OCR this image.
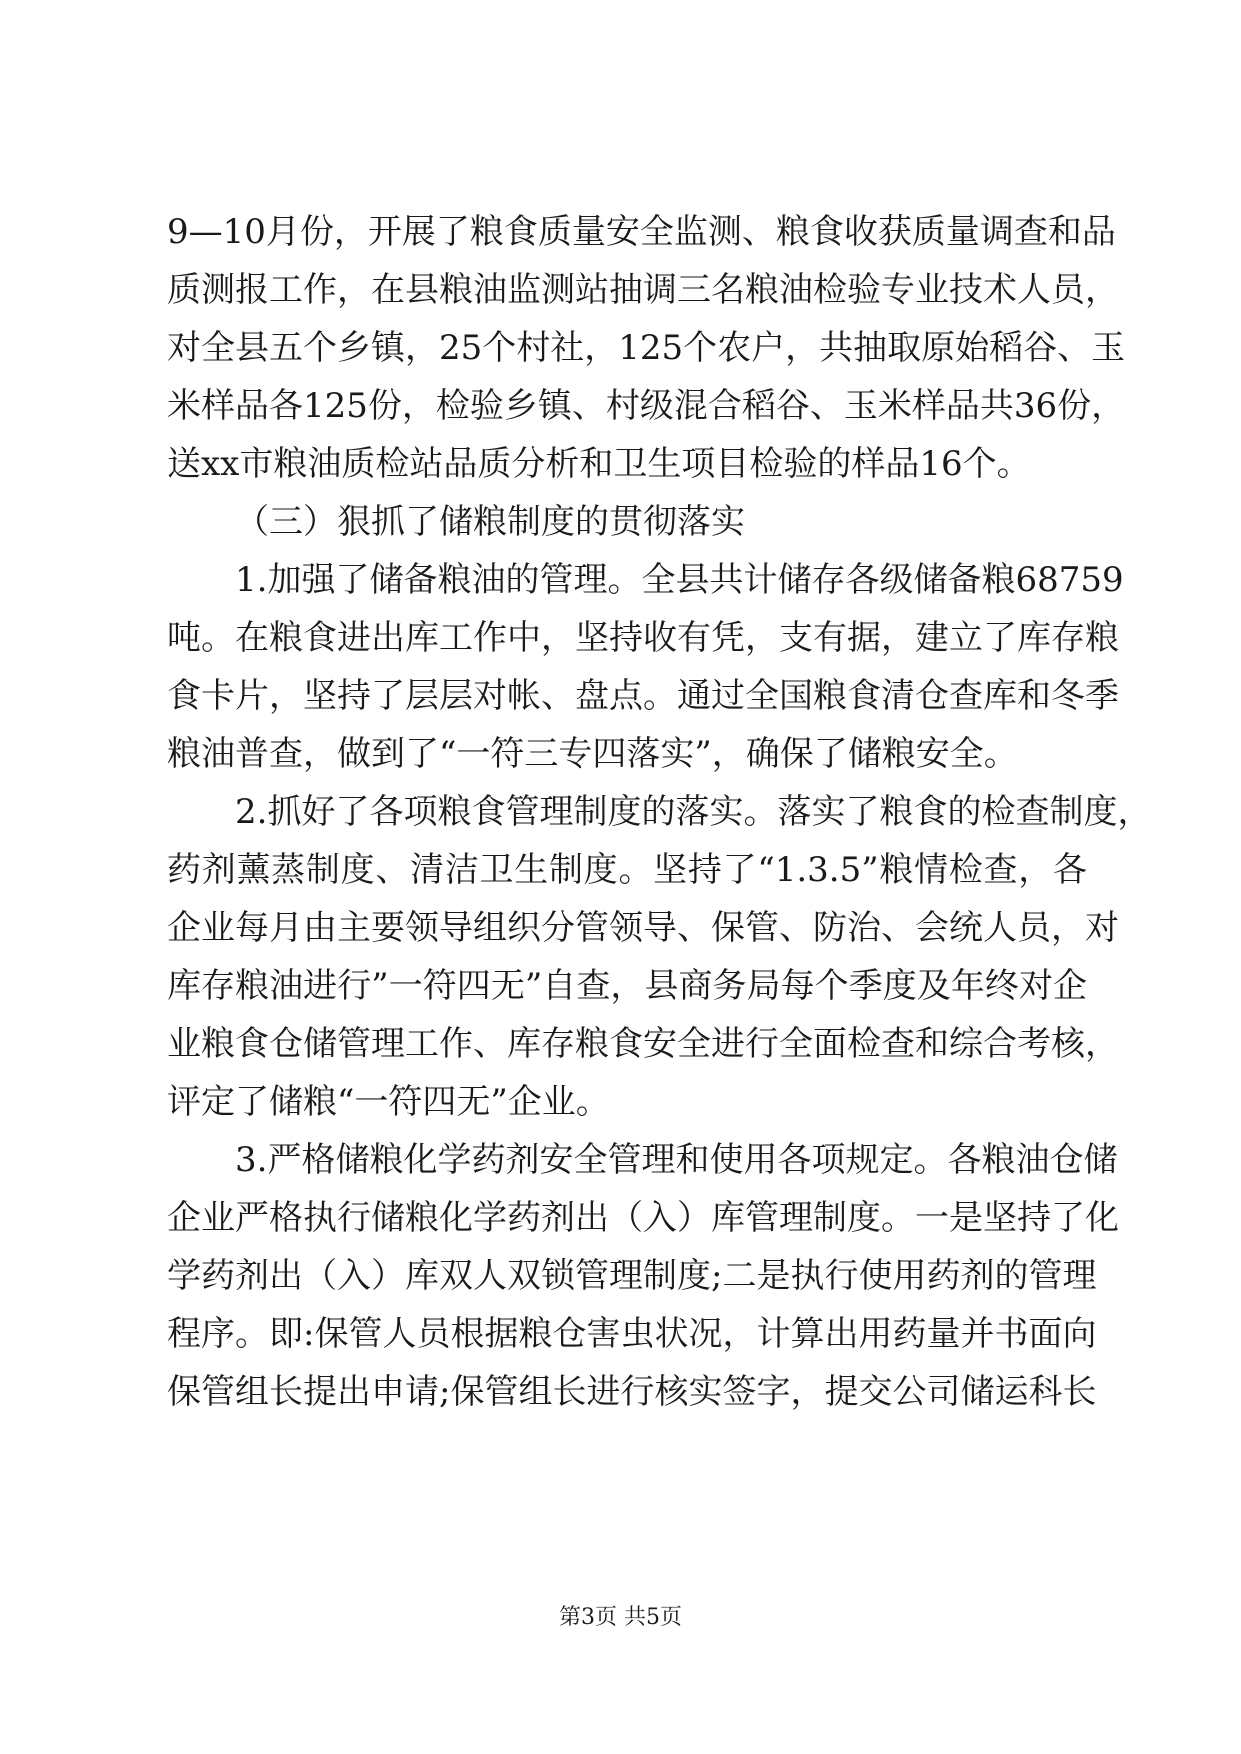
9—10月份，开展了粮食质量安全监测、粮食收获质量调查和品
质测报工作，在县粮油监测站抽调三名粮油检验专业技术人员，
对全县五个乡镇，25个村社，125个农户，共抽取原始稻谷、玉
米样品各125份，检验乡镇、村级混合稻谷、玉米样品共36份，
送xx市粮油质检站品质分析和卫生项目检验的样品16个。
（三）狠抓了储粮制度的贯彻落实
1.加强了储备粮油的管理。全县共计储存各级储备粮68759
吨。在粮食进出库工作中，坚持收有凭，支有据，建立了库存粮
食卡片，坚持了层层对帐、盘点。通过全国粮食清仓查库和冬季
粮油普查，做到了“一符三专四落实”，确保了储粮安全。
2.抓好了各项粮食管理制度的落实。落实了粮食的检查制度，
药剂薰蒸制度、清洁卫生制度。坚持了“1.3.5”粮情检查，各
企业每月由主要领导组织分管领导、保管、防治、会统人员，对
库存粮油进行”一符四无”自查，县商务局每个季度及年终对企
业粮食仓储管理工作、库存粮食安全进行全面检查和综合考核，
评定了储粮“一符四无”企业。
3.严格储粮化学药剂安全管理和使用各项规定。各粮油仓储
企业严格执行储粮化学药剂出（入）库管理制度。一是坚持了化
学药剂出（入）库双人双锁管理制度;二是执行使用药剂的管理
程序。即:保管人员根据粮仓害虫状况，计算出用药量并书面向
保管组长提出申请;保管组长进行核实签字，提交公司储运科长
第3页 共5页
